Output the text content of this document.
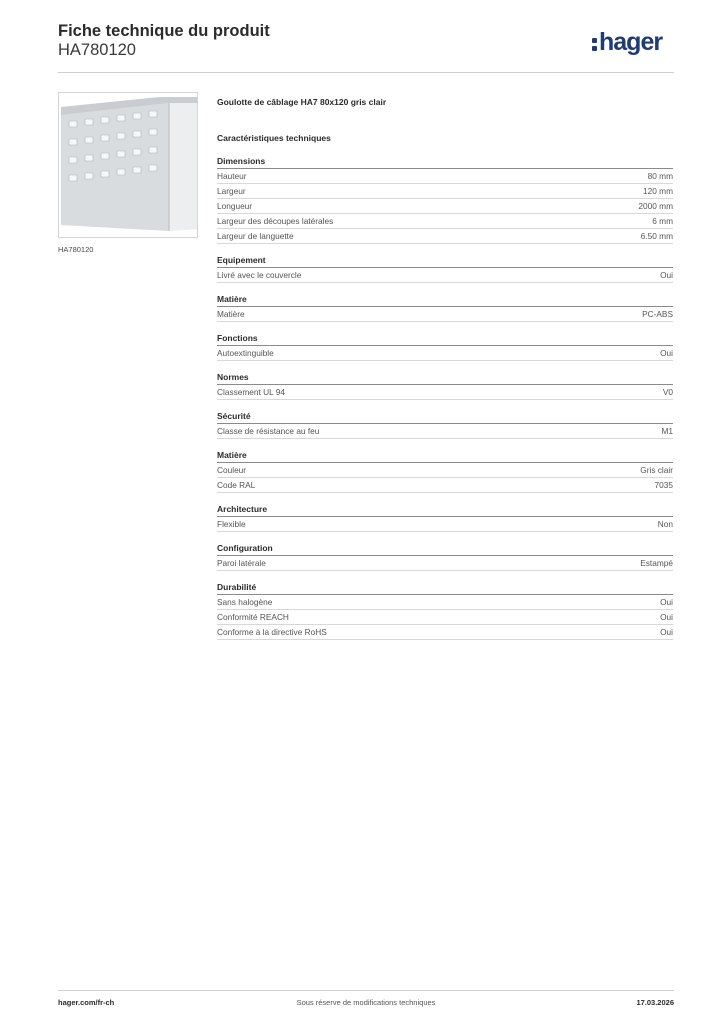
Fiche technique du produit
HA780120	hager
HA780120
Goulotte de câblage HA7 80x120 gris clair
Caractéristiques techniques
Dimensions
Hauteur	80 mm
Largeur	120 mm
Longueur	2000 mm
Largeur des découpes latérales	6 mm
Largeur de languette	6.50 mm
Equipement
Livré avec le couvercle	Oui
Matière
Matière	PC-ABS
Fonctions
Autoextinguible	Oui
Normes
Classement UL 94	V0
Sécurité
Classe de résistance au feu	M1
Matière
Couleur	Gris clair
Code RAL	7035
Architecture
Flexible	Non
Configuration
Paroi latérale	Estampé
Durabilité
Sans halogène	Oui
Conformité REACH	Oui
Conforme à la directive RoHS	Oui
hager.com/fr-ch	Sous réserve de modifications techniques	17.03.2026
